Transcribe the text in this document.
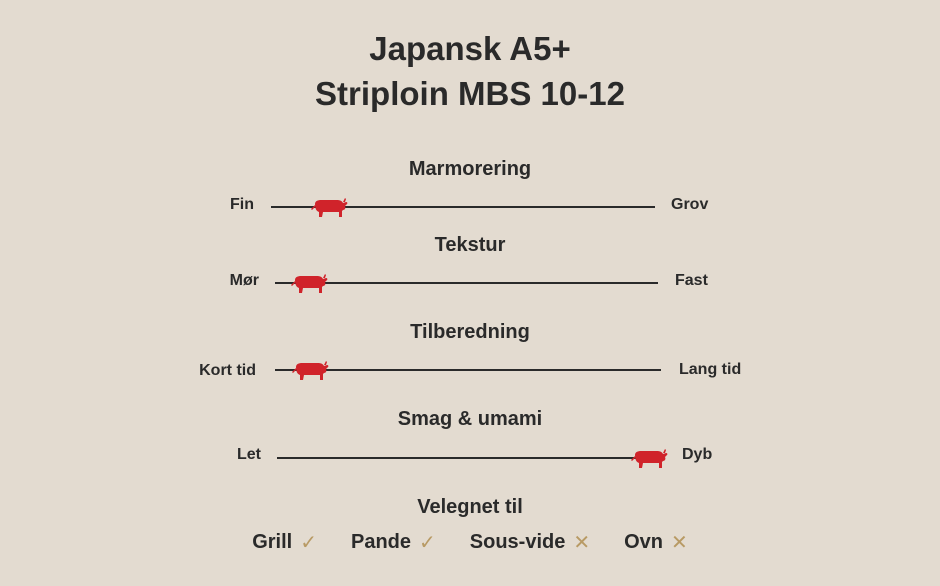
Japansk A5+
Striploin MBS 10-12
Marmorering
Fin	Grov
Tekstur
Mør	Fast
Tilberedning
Kort tid	Lang tid
Smag & umami
Let	Dyb
Velegnet til
Grill ✓ Pande ✓ Sous-vide ✕ Ovn ✕
